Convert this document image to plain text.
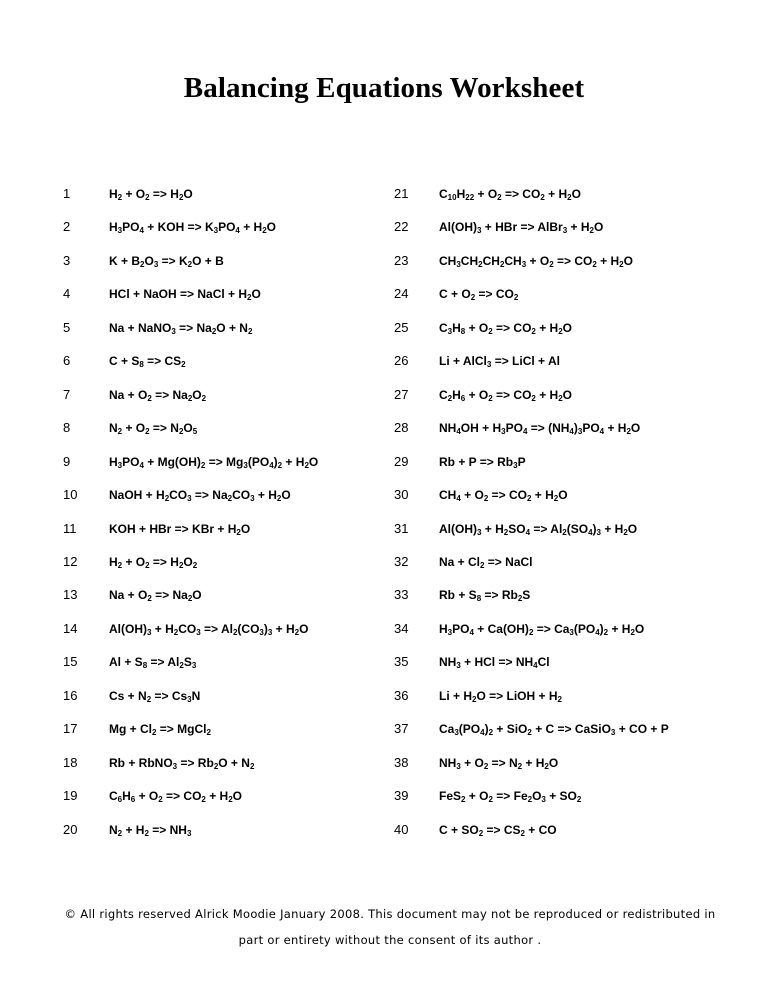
Balancing Equations Worksheet
1	$H_2 + O_2 => H_2O$
2	$H_3PO_4$ + KOH => $K_3PO_4 + H_2O$
3	$K + B_2O_3 => K_2O + B$
4	HCl + NaOH => NaCl + $H_2O$
5	Na + NaNO$_3$ => $Na_2O + N_2$
6	$C + S_8 => CS_2$
7	$Na + O_2 => Na_2O_2$
8	$N_2 + O_2 => N_2O_5$
9	$H_3PO_4 + Mg(OH)_2 => Mg_3(PO_4)_2 + H_2O$
10	NaOH + $H_2CO_3 => Na_2CO_3 + H_2O$
11	KOH + HBr => KBr + $H_2O$
12	$H_2 + O_2 => H_2O_2$
13	$Na + O_2 => Na_2O$
14	$Al(OH)_3 + H_2CO_3 => Al_2(CO_3)_3 + H_2O$
15	$Al + S_8 => Al_2S_3$
16	$Cs + N_2 => Cs_3N$
17	$Mg + Cl_2$ => MgCl$_2$
18	Rb + RbNO$_3$ => $Rb_2O + N_2$
19	$C_6H_6 + O_2 => CO_2 + H_2O$
20	$N_2 + H_2 => NH_3$
21	$C_{10}H_{22} + O_2 => CO_2 + H_2O$
22	$Al(OH)_3$ + HBr => AlBr$_3$ + $H_2O$
23	$CH_3CH_2CH_2CH_3 + O_2 => CO_2 + H_2O$
24	$C + O_2 => CO_2$
25	$C_3H_8 + O_2 => CO_2 + H_2O$
26	Li + AlCl$_3$ => LiCl + Al
27	$C_2H_6 + O_2 => CO_2 + H_2O$
28	$NH_4OH + H_3PO_4 => (NH_4)_3PO_4 + H_2O$
29	$Rb + P => Rb_3P$
30	$CH_4 + O_2 => CO_2 + H_2O$
31	$Al(OH)_3 + H_2SO_4 => Al_2(SO_4)_3 + H_2O$
32	$Na + Cl_2$ => NaCl
33	$Rb + S_8 => Rb_2S$
34	$H_3PO_4 + Ca(OH)_2 => Ca_3(PO_4)_2 + H_2O$
35	$NH_3$ + HCl => $NH_4Cl$
36	$Li + H_2O$ => LiOH + $H_2$
37	$Ca_3(PO_4)_2 + SiO_2 + C$ => CaSiO$_3$ + CO + P
38	$NH_3 + O_2 => N_2 + H_2O$
39	$FeS_2 + O_2 => Fe_2O_3 + SO_2$
40	$C + SO_2 => CS_2$ + CO
© All rights reserved Alrick Moodie January 2008. This document may not be reproduced or redistributed in
part or entirety without the consent of its author .
